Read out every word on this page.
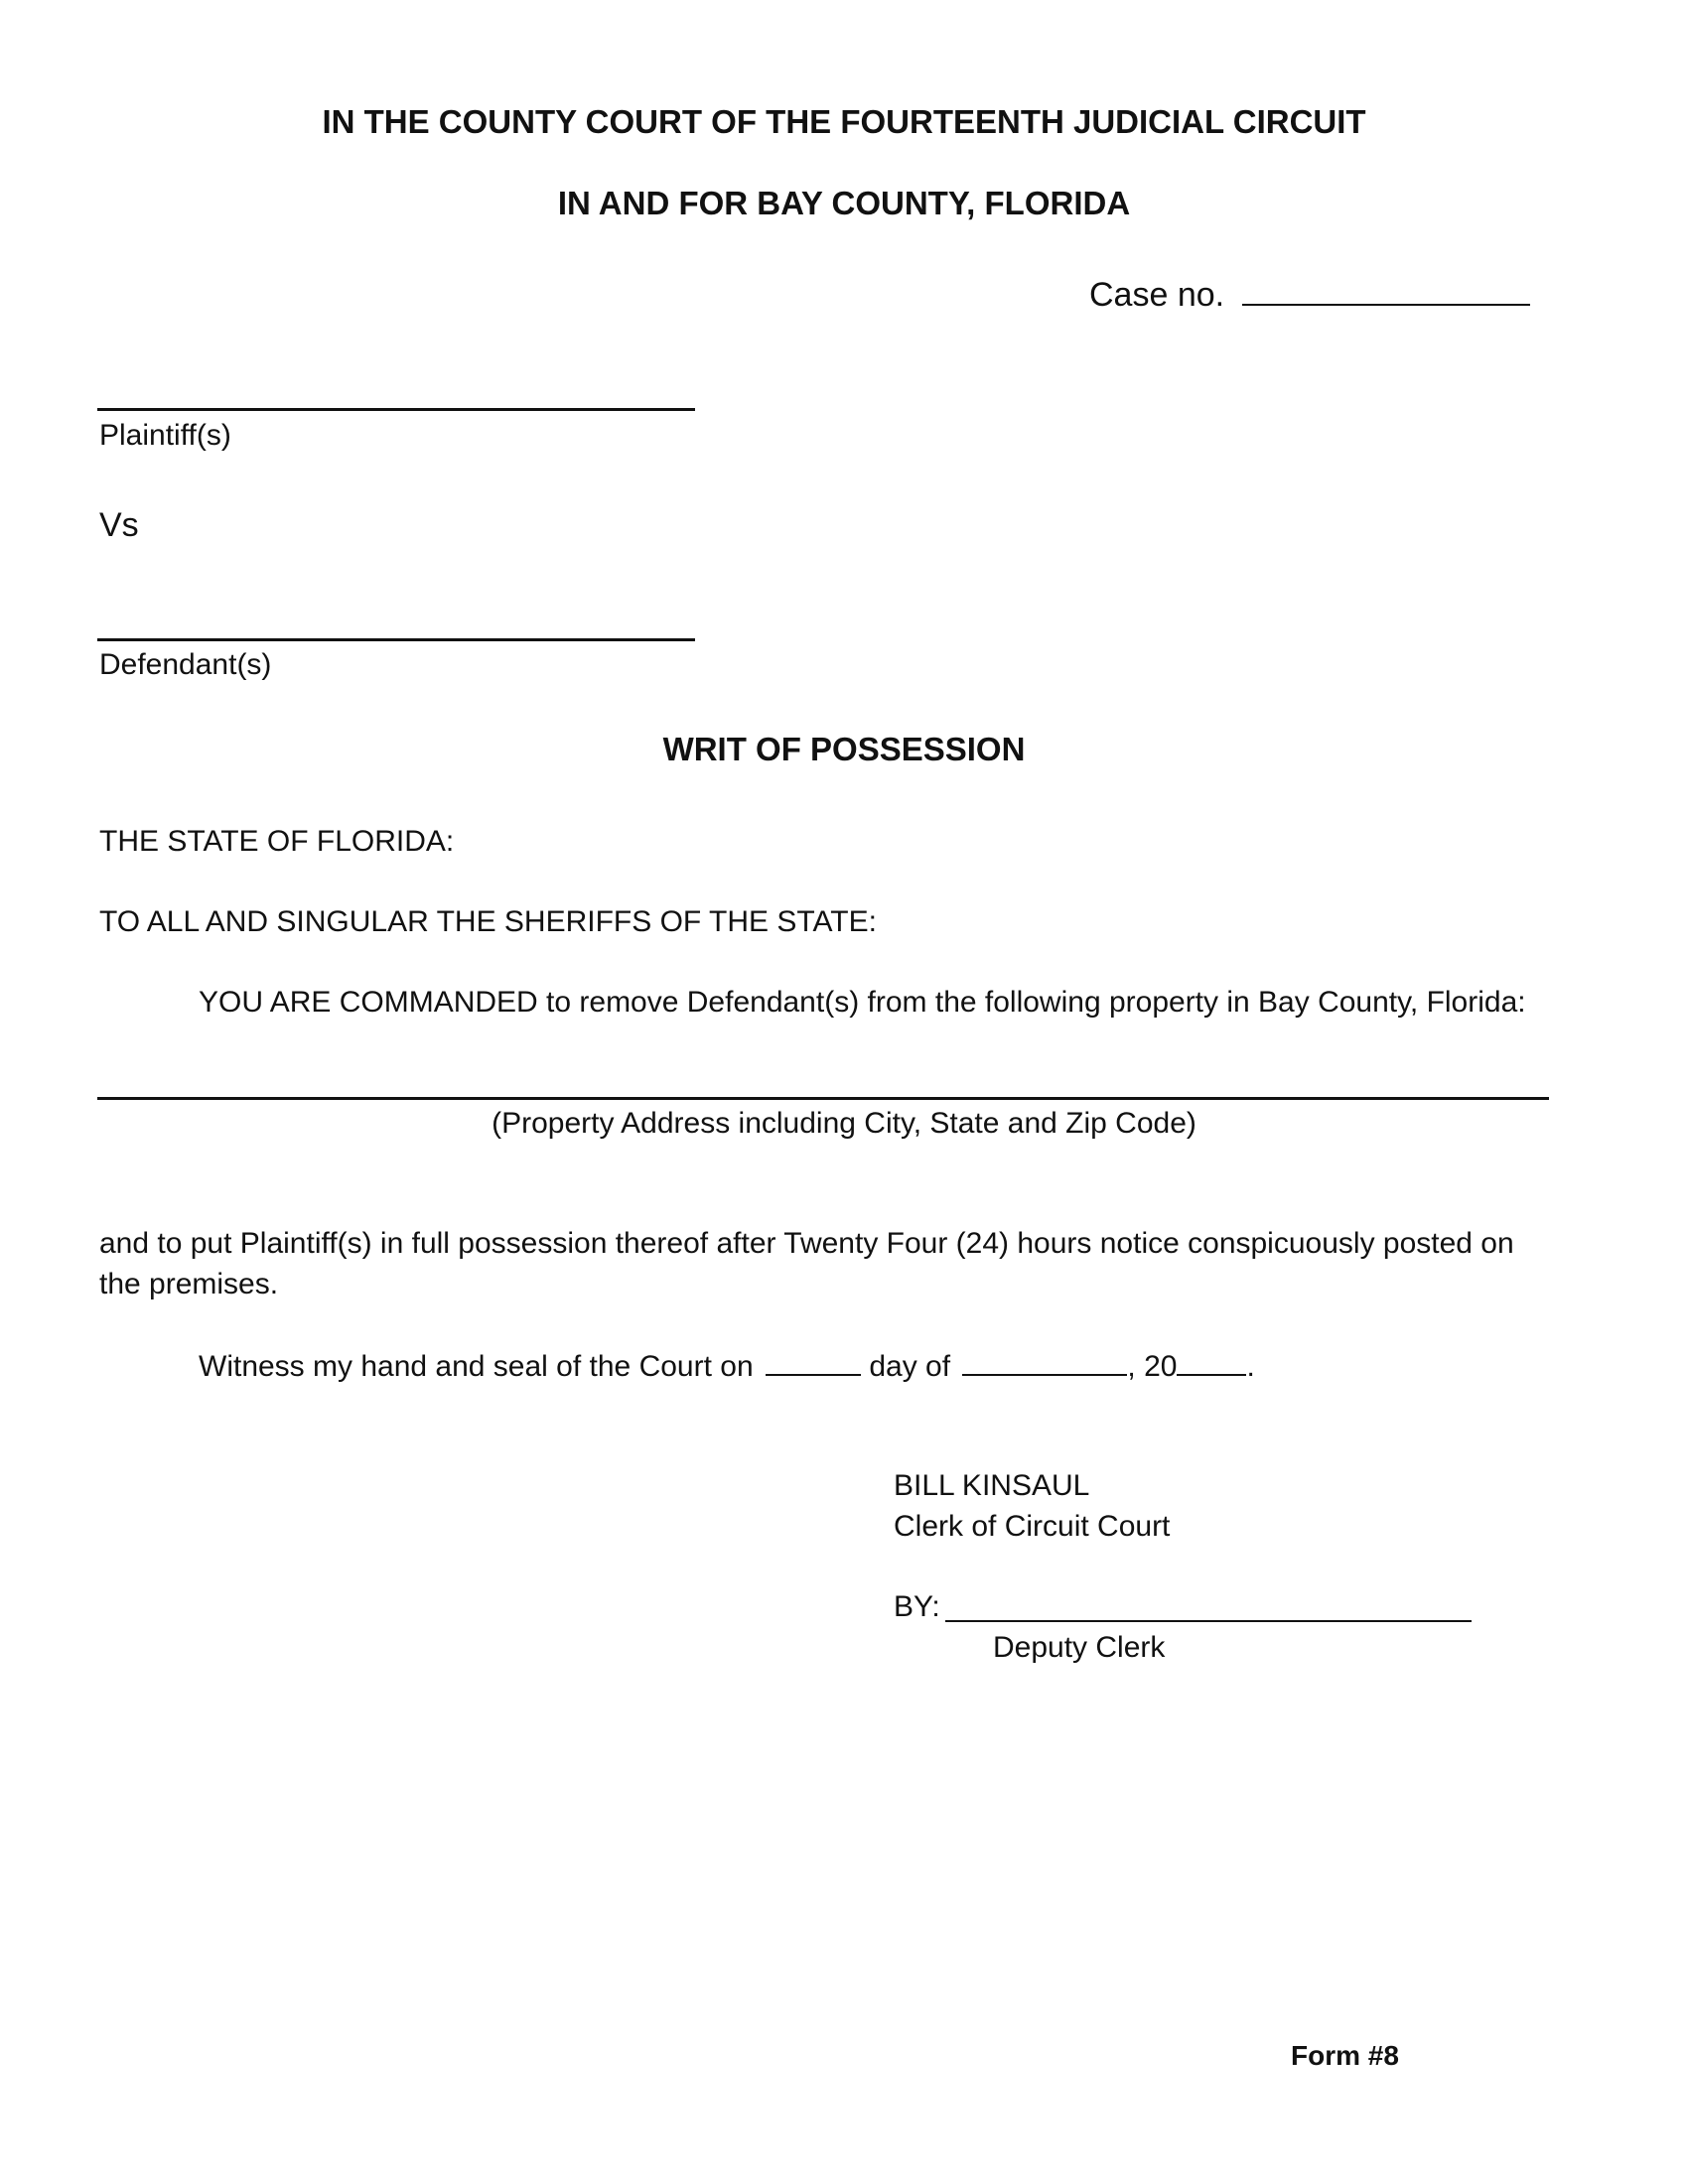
IN THE COUNTY COURT OF THE FOURTEENTH JUDICIAL CIRCUIT
IN AND FOR BAY COUNTY, FLORIDA
Case no.
Plaintiff(s)
Vs
Defendant(s)
WRIT OF POSSESSION
THE STATE OF FLORIDA:
TO ALL AND SINGULAR THE SHERIFFS OF THE STATE:
YOU ARE COMMANDED to remove Defendant(s) from the following property in Bay County, Florida:
(Property Address including City, State and Zip Code)
and to put Plaintiff(s) in full possession thereof after Twenty Four (24) hours notice conspicuously posted on
the premises.
Witness my hand and seal of the Court on	day of	, 20 .
BILL KINSAUL
Clerk of Circuit Court
BY:
Deputy Clerk
Form #8
